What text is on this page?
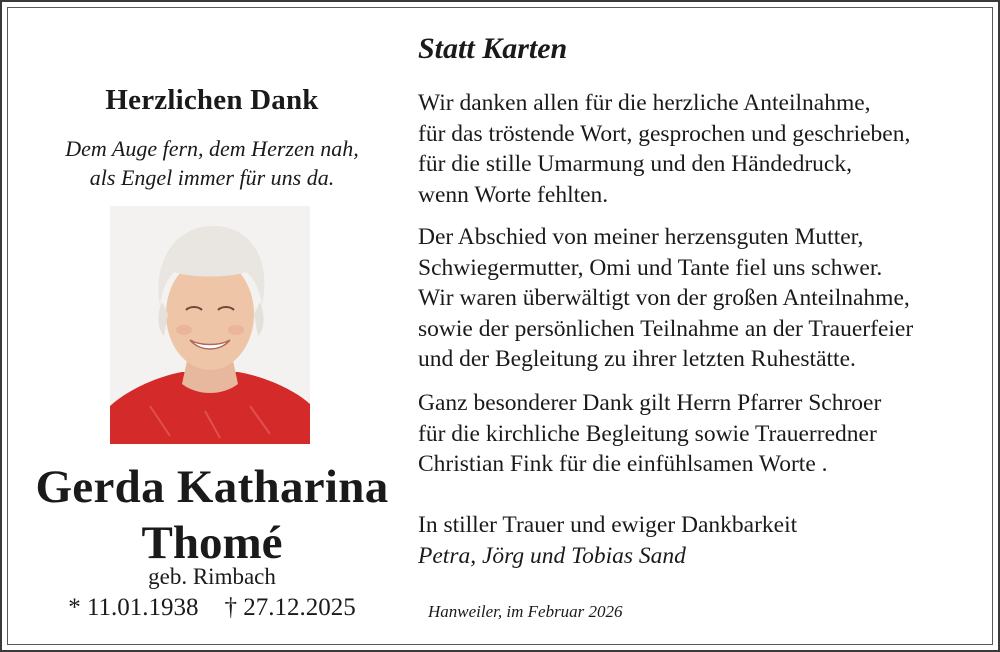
Herzlichen Dank
Dem Auge fern, dem Herzen nah,
als Engel immer für uns da.
Gerda Katharina
Thomé
geb. Rimbach
* 11.01.1938 † 27.12.2025
Statt Karten
Wir danken allen für die herzliche Anteilnahme,
für das tröstende Wort, gesprochen und geschrieben,
für die stille Umarmung und den Händedruck,
wenn Worte fehlten.
Der Abschied von meiner herzensguten Mutter,
Schwiegermutter, Omi und Tante fiel uns schwer.
Wir waren überwältigt von der großen Anteilnahme,
sowie der persönlichen Teilnahme an der Trauerfeier
und der Begleitung zu ihrer letzten Ruhestätte.
Ganz besonderer Dank gilt Herrn Pfarrer Schroer
für die kirchliche Begleitung sowie Trauerredner
Christian Fink für die einfühlsamen Worte .
In stiller Trauer und ewiger Dankbarkeit
Petra, Jörg und Tobias Sand
Hanweiler, im Februar 2026
